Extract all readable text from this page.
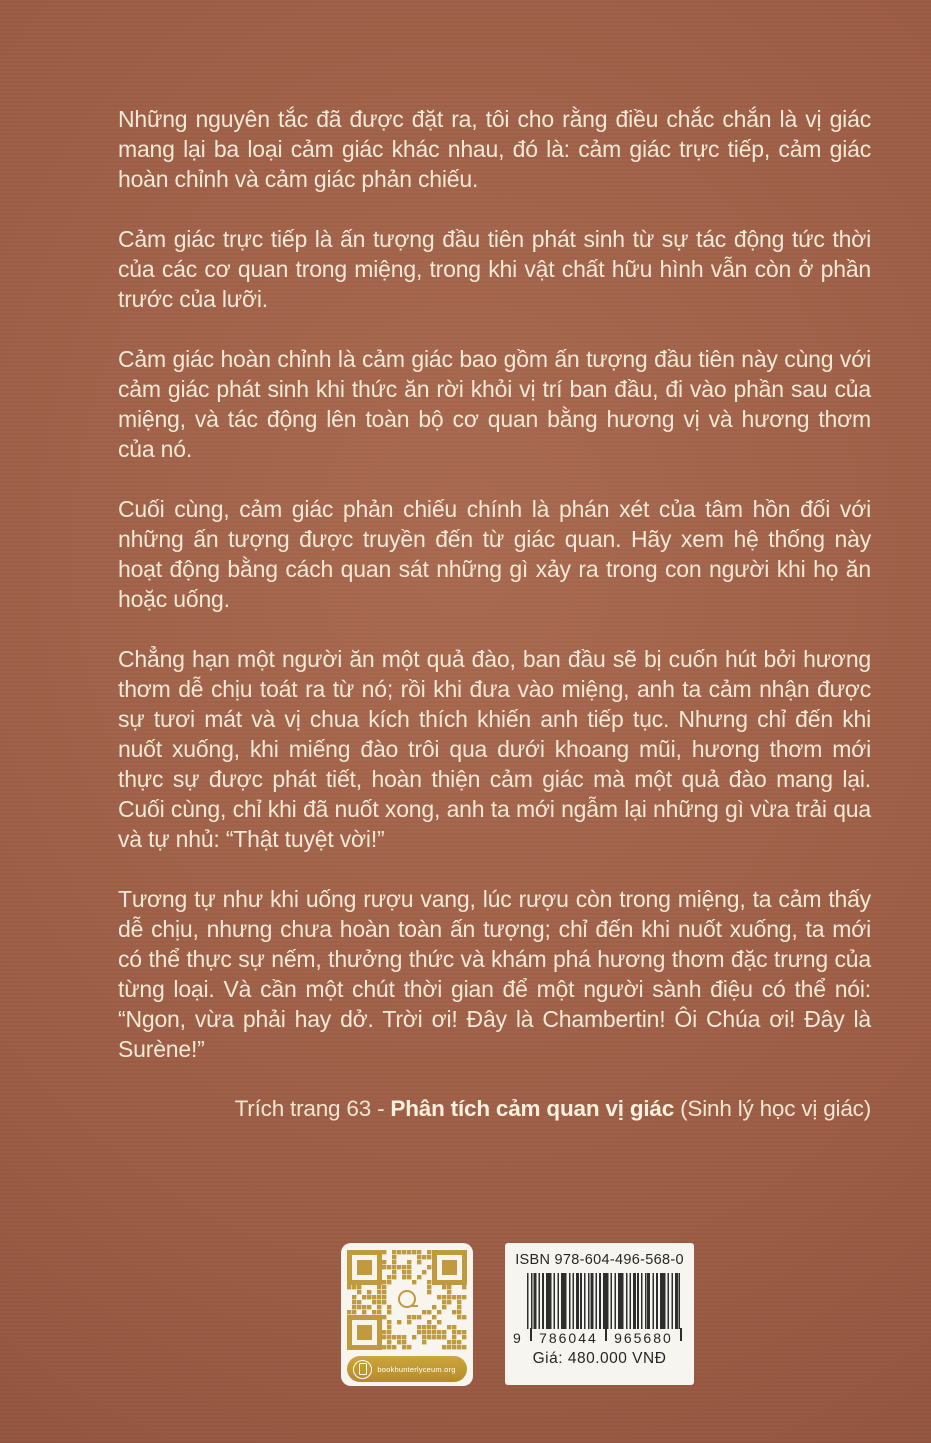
Những nguyên tắc đã được đặt ra, tôi cho rằng điều chắc chắn là vị giác mang lại ba loại cảm giác khác nhau, đó là: cảm giác trực tiếp, cảm giác hoàn chỉnh và cảm giác phản chiếu.

Cảm giác trực tiếp là ấn tượng đầu tiên phát sinh từ sự tác động tức thời của các cơ quan trong miệng, trong khi vật chất hữu hình vẫn còn ở phần trước của lưỡi.

Cảm giác hoàn chỉnh là cảm giác bao gồm ấn tượng đầu tiên này cùng với cảm giác phát sinh khi thức ăn rời khỏi vị trí ban đầu, đi vào phần sau của miệng, và tác động lên toàn bộ cơ quan bằng hương vị và hương thơm của nó.

Cuối cùng, cảm giác phản chiếu chính là phán xét của tâm hồn đối với những ấn tượng được truyền đến từ giác quan. Hãy xem hệ thống này hoạt động bằng cách quan sát những gì xảy ra trong con người khi họ ăn hoặc uống.

Chẳng hạn một người ăn một quả đào, ban đầu sẽ bị cuốn hút bởi hương thơm dễ chịu toát ra từ nó; rồi khi đưa vào miệng, anh ta cảm nhận được sự tươi mát và vị chua kích thích khiến anh tiếp tục. Nhưng chỉ đến khi nuốt xuống, khi miếng đào trôi qua dưới khoang mũi, hương thơm mới thực sự được phát tiết, hoàn thiện cảm giác mà một quả đào mang lại. Cuối cùng, chỉ khi đã nuốt xong, anh ta mới ngẫm lại những gì vừa trải qua và tự nhủ: “Thật tuyệt vời!”

Tương tự như khi uống rượu vang, lúc rượu còn trong miệng, ta cảm thấy dễ chịu, nhưng chưa hoàn toàn ấn tượng; chỉ đến khi nuốt xuống, ta mới có thể thực sự nếm, thưởng thức và khám phá hương thơm đặc trưng của từng loại. Và cần một chút thời gian để một người sành điệu có thể nói: “Ngon, vừa phải hay dở. Trời ơi! Đây là Chambertin! Ôi Chúa ơi! Đây là Surène!”

Trích trang 63 - Phân tích cảm quan vị giác (Sinh lý học vị giác)

bookhunterlyceum.org
ISBN 978-604-496-568-0
9 786044 965680
Giá: 480.000 VNĐ
